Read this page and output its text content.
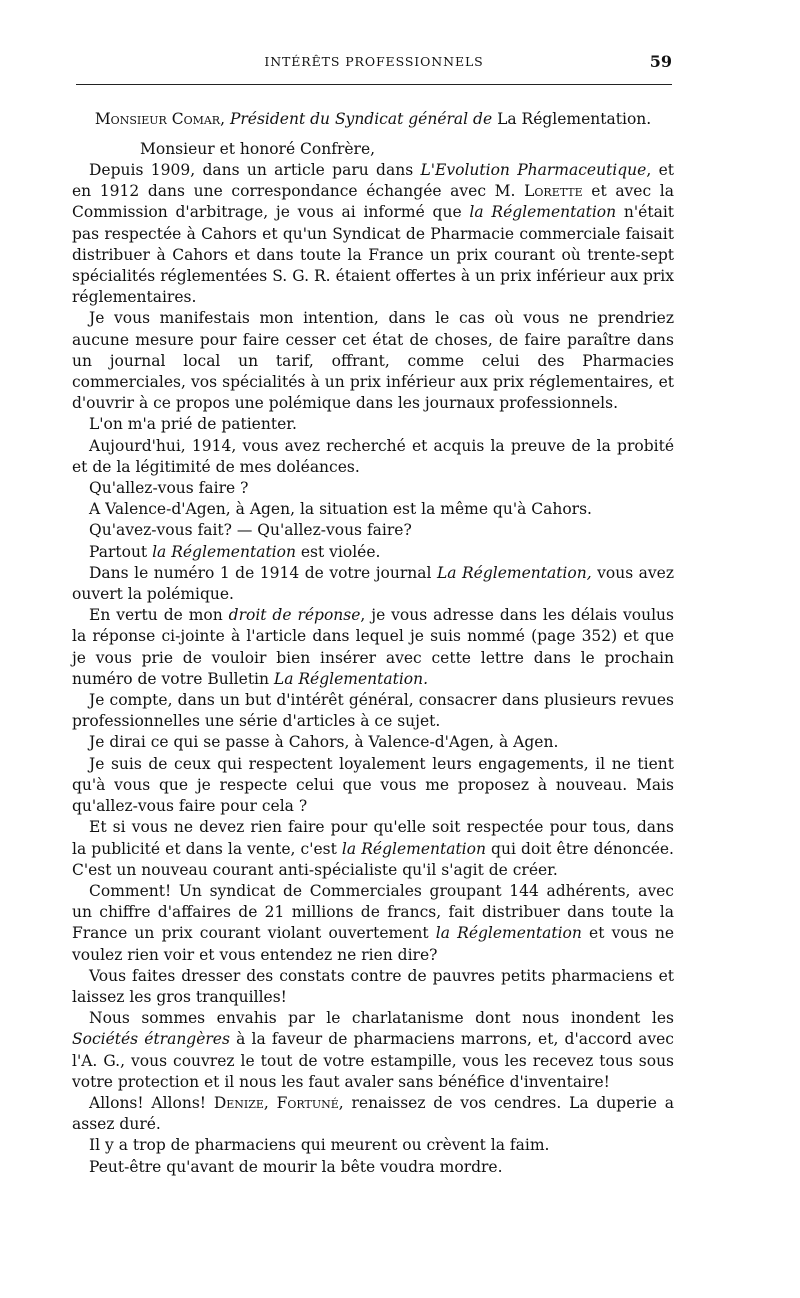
INTÉRÊTS PROFESSIONNELS	59

Monsieur Comar, Président du Syndicat général de La Réglementation.

Monsieur et honoré Confrère,

Depuis 1909, dans un article paru dans L'Evolution Pharmaceutique, et en 1912 dans une correspondance échangée avec M. Lorette et avec la Commission d'arbitrage, je vous ai informé que la Réglementation n'était pas respectée à Cahors et qu'un Syndicat de Pharmacie commerciale faisait distribuer à Cahors et dans toute la France un prix courant où trente-sept spécialités réglementées S. G. R. étaient offertes à un prix inférieur aux prix réglementaires.

Je vous manifestais mon intention, dans le cas où vous ne prendriez aucune mesure pour faire cesser cet état de choses, de faire paraître dans un journal local un tarif, offrant, comme celui des Pharmacies commerciales, vos spécialités à un prix inférieur aux prix réglementaires, et d'ouvrir à ce propos une polémique dans les journaux professionnels.

L'on m'a prié de patienter.

Aujourd'hui, 1914, vous avez recherché et acquis la preuve de la probité et de la légitimité de mes doléances.

Qu'allez-vous faire ?

A Valence-d'Agen, à Agen, la situation est la même qu'à Cahors.

Qu'avez-vous fait? — Qu'allez-vous faire?

Partout la Réglementation est violée.

Dans le numéro 1 de 1914 de votre journal La Réglementation, vous avez ouvert la polémique.

En vertu de mon droit de réponse, je vous adresse dans les délais voulus la réponse ci-jointe à l'article dans lequel je suis nommé (page 352) et que je vous prie de vouloir bien insérer avec cette lettre dans le prochain numéro de votre Bulletin La Réglementation.

Je compte, dans un but d'intérêt général, consacrer dans plusieurs revues professionnelles une série d'articles à ce sujet.

Je dirai ce qui se passe à Cahors, à Valence-d'Agen, à Agen.

Je suis de ceux qui respectent loyalement leurs engagements, il ne tient qu'à vous que je respecte celui que vous me proposez à nouveau. Mais qu'allez-vous faire pour cela ?

Et si vous ne devez rien faire pour qu'elle soit respectée pour tous, dans la publicité et dans la vente, c'est la Réglementation qui doit être dénoncée. C'est un nouveau courant anti-spécialiste qu'il s'agit de créer.

Comment! Un syndicat de Commerciales groupant 144 adhérents, avec un chiffre d'affaires de 21 millions de francs, fait distribuer dans toute la France un prix courant violant ouvertement la Réglementation et vous ne voulez rien voir et vous entendez ne rien dire?

Vous faites dresser des constats contre de pauvres petits pharmaciens et laissez les gros tranquilles!

Nous sommes envahis par le charlatanisme dont nous inondent les Sociétés étrangères à la faveur de pharmaciens marrons, et, d'accord avec l'A. G., vous couvrez le tout de votre estampille, vous les recevez tous sous votre protection et il nous les faut avaler sans bénéfice d'inventaire!

Allons! Allons! Denize, Fortuné, renaissez de vos cendres. La duperie a assez duré.

Il y a trop de pharmaciens qui meurent ou crèvent la faim.

Peut-être qu'avant de mourir la bête voudra mordre.
